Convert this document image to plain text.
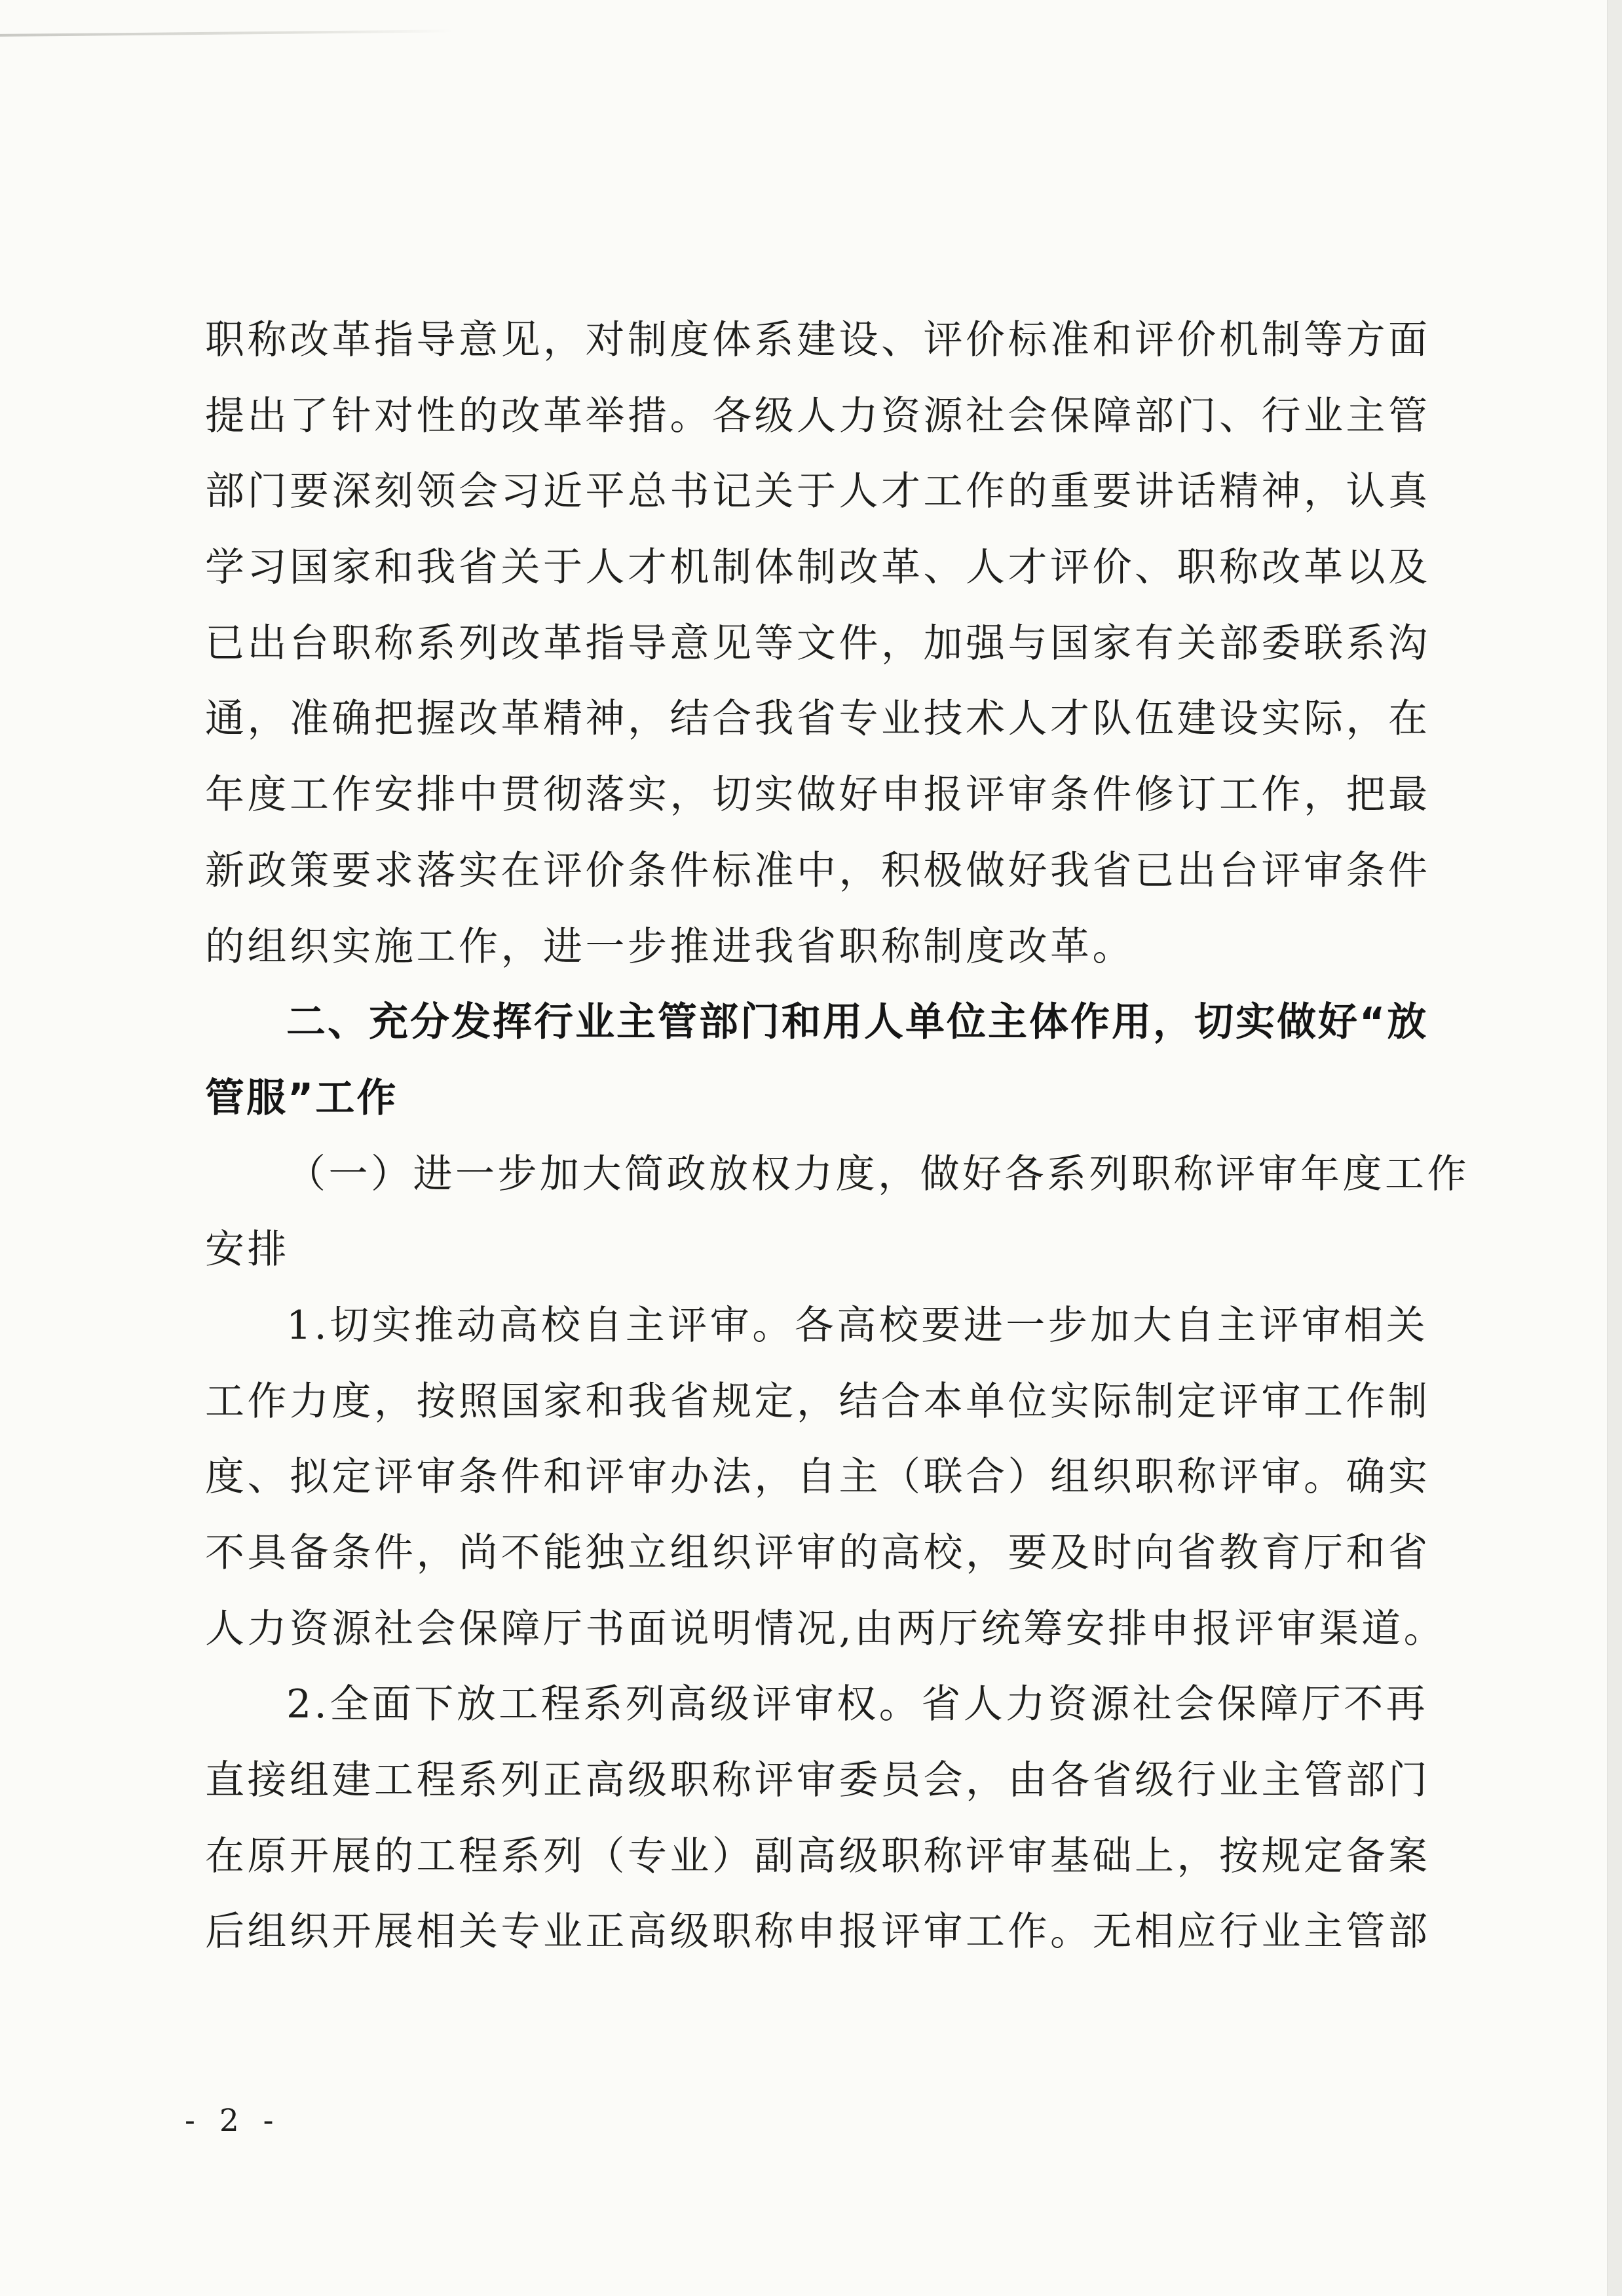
职称改革指导意见，对制度体系建设、评价标准和评价机制等方面
提出了针对性的改革举措。各级人力资源社会保障部门、行业主管
部门要深刻领会习近平总书记关于人才工作的重要讲话精神，认真
学习国家和我省关于人才机制体制改革、人才评价、职称改革以及
已出台职称系列改革指导意见等文件，加强与国家有关部委联系沟
通，准确把握改革精神，结合我省专业技术人才队伍建设实际，在
年度工作安排中贯彻落实，切实做好申报评审条件修订工作，把最
新政策要求落实在评价条件标准中，积极做好我省已出台评审条件
的组织实施工作，进一步推进我省职称制度改革。
二、充分发挥行业主管部门和用人单位主体作用，切实做好“放
管服”工作
（一）进一步加大简政放权力度，做好各系列职称评审年度工作
安排
1.切实推动高校自主评审。各高校要进一步加大自主评审相关
工作力度，按照国家和我省规定，结合本单位实际制定评审工作制
度、拟定评审条件和评审办法，自主（联合）组织职称评审。确实
不具备条件，尚不能独立组织评审的高校，要及时向省教育厅和省
人力资源社会保障厅书面说明情况,由两厅统筹安排申报评审渠道。
2.全面下放工程系列高级评审权。省人力资源社会保障厅不再
直接组建工程系列正高级职称评审委员会，由各省级行业主管部门
在原开展的工程系列（专业）副高级职称评审基础上，按规定备案
后组织开展相关专业正高级职称申报评审工作。无相应行业主管部
- 2 -
